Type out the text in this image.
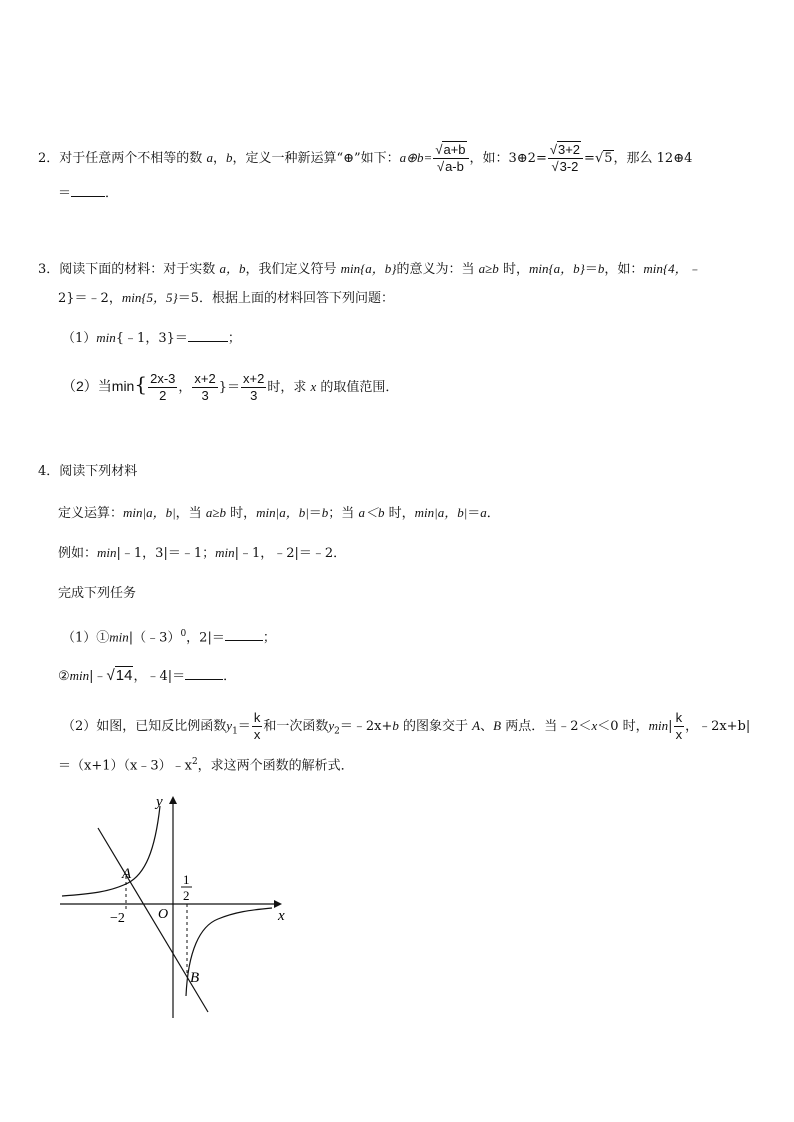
2．对于任意两个不相等的数 a，b，定义一种新运算“⊕”如下：a⊕b= $\frac{√a+b}{√a-b}$ ，如：3⊕2= $\frac{√3+2}{√3-2} =√5$，那么 12⊕4
＝	．
3．阅读下面的材料：对于实数 a，b，我们定义符号 min{a，b}的意义为：当 a≥b 时，min{a，b}＝b，如：min{4，﹣
2}＝﹣2，min{5，5}＝5．根据上面的材料回答下列问题：
（1）min{﹣1，3}＝	；
（2）当$\min\{ \frac{2x-3}{2}$ ， $\frac{x+2}{3}$ }＝ $\frac{x+2}{3}$ 时，求 x 的取值范围．
4．阅读下列材料
定义运算：min|a，b|，当 a≥b 时，min|a，b|＝b；当 a＜b 时，min|a，b|＝a．
例如：min|﹣1，3|＝﹣1；min|﹣1，﹣2|＝﹣2．
完成下列任务
（1）①min|（﹣3）$^0$，2|＝	；
②min|﹣√14，﹣4|＝	．
（2）如图，已知反比例函数$y_1= \frac{k}{x}$ 和一次函数$y_2=﹣2x+b$ 的图象交于 A、B 两点．当﹣2＜x＜0 时，$\min| \frac{k}{x}$ ，﹣2x+b|
$=(x+1)(x﹣3)﹣x^2$，求这两个函数的解析式．
y
x
O
A
B
−2
1
2
